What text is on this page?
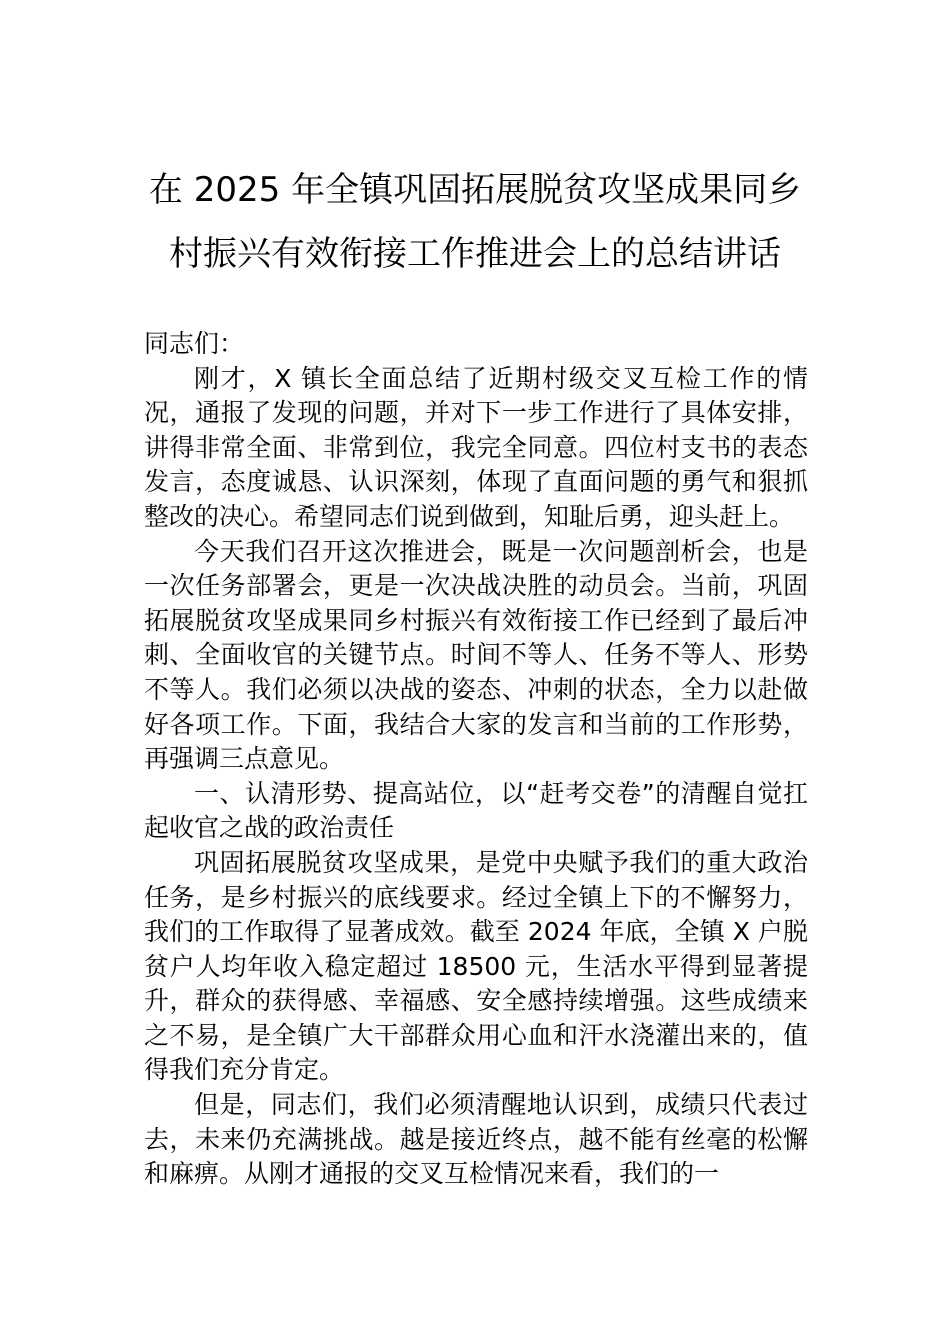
在 2025 年全镇巩固拓展脱贫攻坚成果同乡
村振兴有效衔接工作推进会上的总结讲话

同志们：

刚才，X 镇长全面总结了近期村级交叉互检工作的情况，通报了发现的问题，并对下一步工作进行了具体安排，讲得非常全面、非常到位，我完全同意。四位村支书的表态发言，态度诚恳、认识深刻，体现了直面问题的勇气和狠抓整改的决心。希望同志们说到做到，知耻后勇，迎头赶上。

今天我们召开这次推进会，既是一次问题剖析会，也是一次任务部署会，更是一次决战决胜的动员会。当前，巩固拓展脱贫攻坚成果同乡村振兴有效衔接工作已经到了最后冲刺、全面收官的关键节点。时间不等人、任务不等人、形势不等人。我们必须以决战的姿态、冲刺的状态，全力以赴做好各项工作。下面，我结合大家的发言和当前的工作形势，再强调三点意见。

一、认清形势、提高站位，以“赶考交卷”的清醒自觉扛起收官之战的政治责任

巩固拓展脱贫攻坚成果，是党中央赋予我们的重大政治任务，是乡村振兴的底线要求。经过全镇上下的不懈努力，我们的工作取得了显著成效。截至 2024 年底，全镇 X 户脱贫户人均年收入稳定超过 18500 元，生活水平得到显著提升，群众的获得感、幸福感、安全感持续增强。这些成绩来之不易，是全镇广大干部群众用心血和汗水浇灌出来的，值得我们充分肯定。

但是，同志们，我们必须清醒地认识到，成绩只代表过去，未来仍充满挑战。越是接近终点，越不能有丝毫的松懈和麻痹。从刚才通报的交叉互检情况来看，我们的一
